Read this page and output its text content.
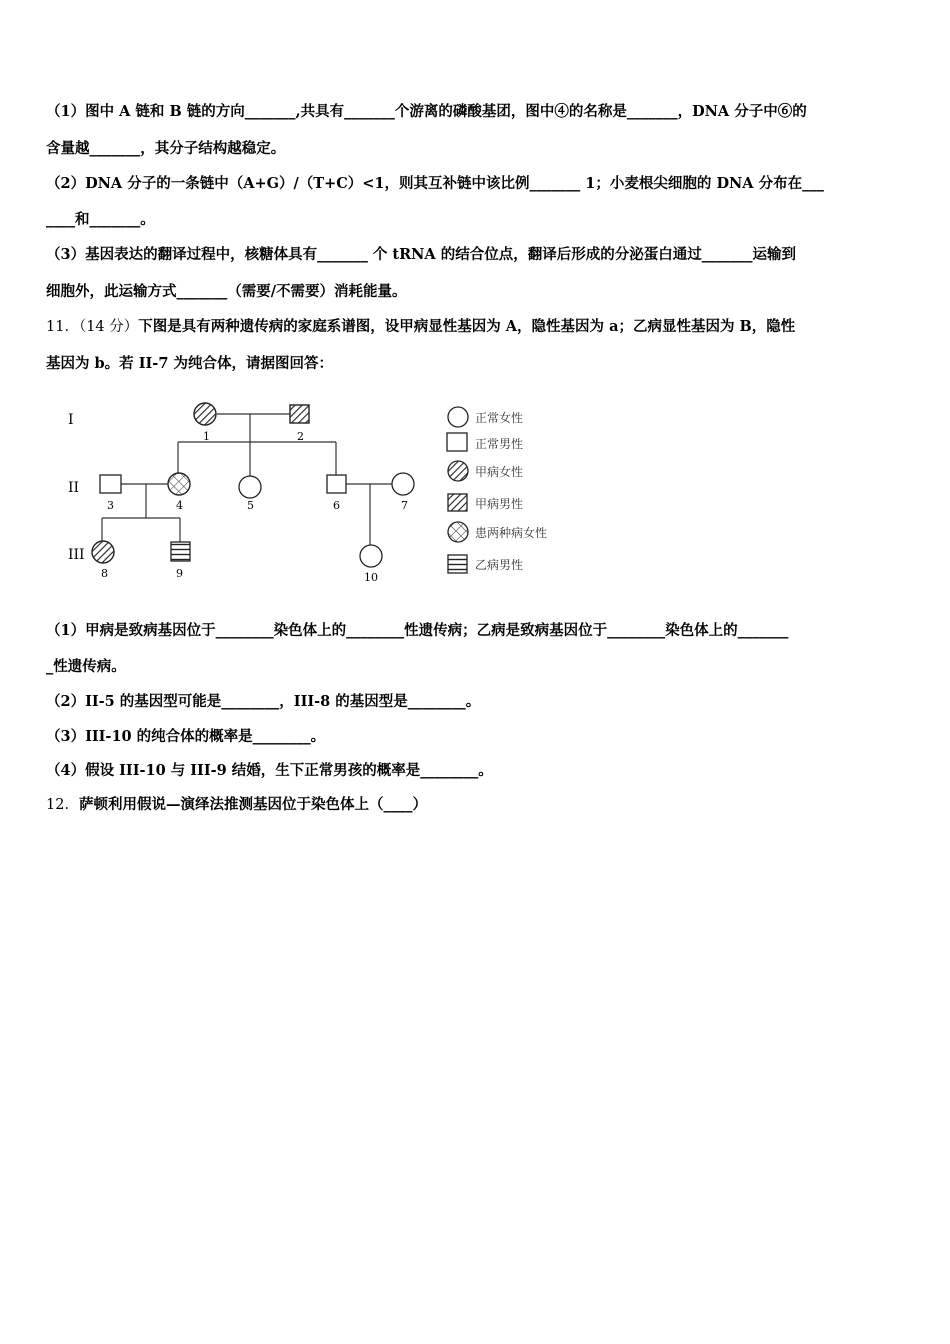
（1）图中 A 链和 B 链的方向_______,共具有_______个游离的磷酸基团，图中④的名称是_______，DNA 分子中⑥的
含量越_______，其分子结构越稳定。
（2）DNA 分子的一条链中（A+G）/（T+C）<1，则其互补链中该比例_______ 1；小麦根尖细胞的 DNA 分布在___
____和_______。
（3）基因表达的翻译过程中，核糖体具有_______ 个 tRNA 的结合位点，翻译后形成的分泌蛋白通过_______运输到
细胞外，此运输方式_______（需要/不需要）消耗能量。
11．（14 分）下图是具有两种遗传病的家庭系谱图，设甲病显性基因为 A，隐性基因为 a；乙病显性基因为 B，隐性
基因为 b。若 II-7 为纯合体，请据图回答：
I
II
III
1	2
3	4	5	6	7
8	9	10
正常女性
正常男性
甲病女性
甲病男性
患两种病女性
乙病男性
（1）甲病是致病基因位于________染色体上的________性遗传病；乙病是致病基因位于________染色体上的_______
_性遗传病。
（2）II-5 的基因型可能是________，III-8 的基因型是________。
（3）III-10 的纯合体的概率是________。
（4）假设 III-10 与 III-9 结婚，生下正常男孩的概率是________。
12．萨顿利用假说—演绎法推测基因位于染色体上（____）
